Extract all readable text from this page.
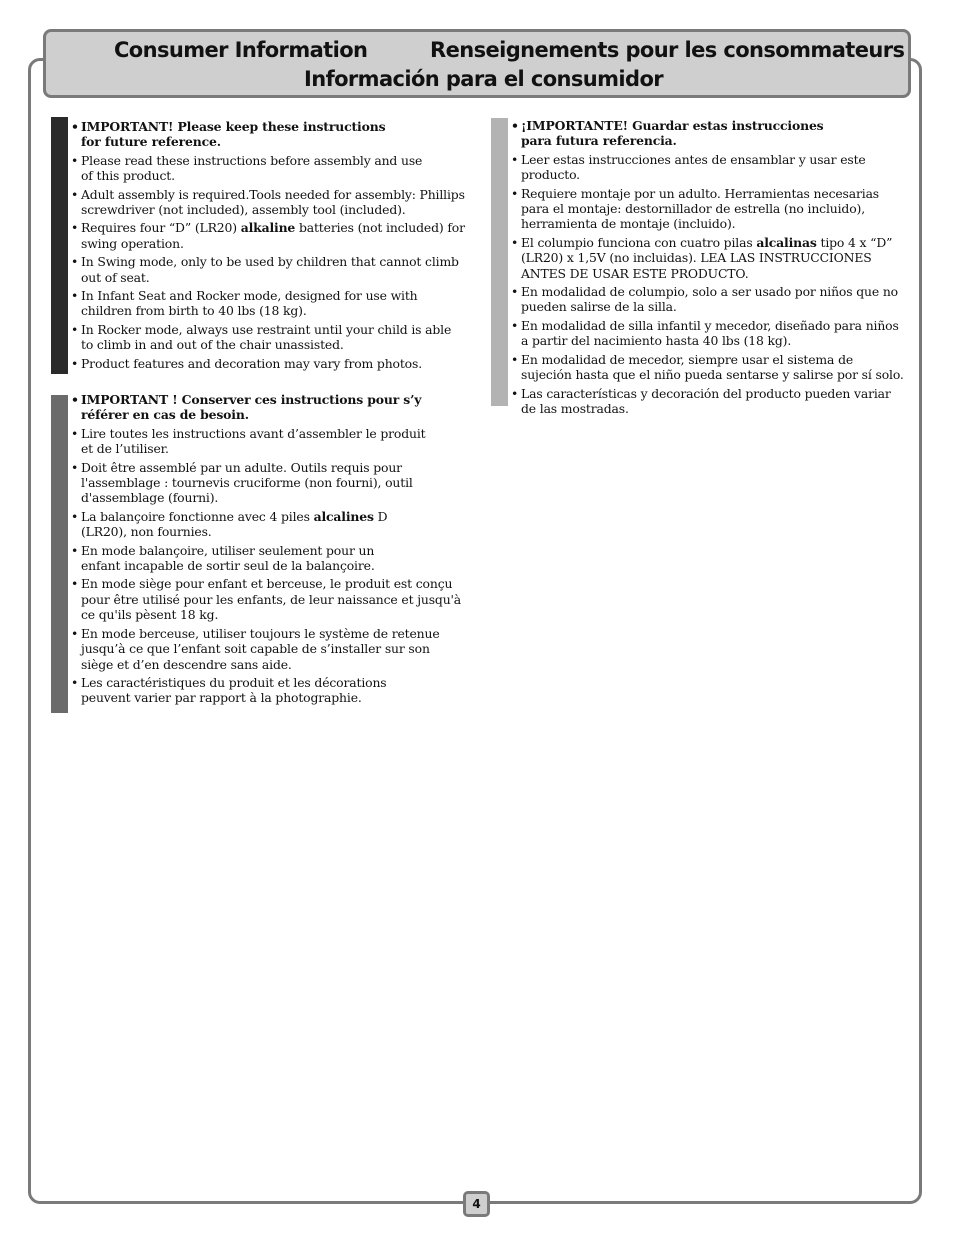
Consumer Information	Renseignements pour les consommateurs
Información para el consumidor
• IMPORTANT! Please keep these instructions for future reference.
• Please read these instructions before assembly and use of this product.
• Adult assembly is required.Tools needed for assembly: Phillips screwdriver (not included), assembly tool (included).
• Requires four “D” (LR20) alkaline batteries (not included) for swing operation.
• In Swing mode, only to be used by children that cannot climb out of seat.
• In Infant Seat and Rocker mode, designed for use with children from birth to 40 lbs (18 kg).
• In Rocker mode, always use restraint until your child is able to climb in and out of the chair unassisted.
• Product features and decoration may vary from photos.
• IMPORTANT ! Conserver ces instructions pour s’y référer en cas de besoin.
• Lire toutes les instructions avant d’assembler le produit et de l’utiliser.
• Doit être assemblé par un adulte. Outils requis pour l'assemblage : tournevis cruciforme (non fourni), outil d'assemblage (fourni).
• La balançoire fonctionne avec 4 piles alcalines D (LR20), non fournies.
• En mode balançoire, utiliser seulement pour un enfant incapable de sortir seul de la balançoire.
• En mode siège pour enfant et berceuse, le produit est conçu pour être utilisé pour les enfants, de leur naissance et jusqu'à ce qu'ils pèsent 18 kg.
• En mode berceuse, utiliser toujours le système de retenue jusqu’à ce que l’enfant soit capable de s’installer sur son siège et d’en descendre sans aide.
• Les caractéristiques du produit et les décorations peuvent varier par rapport à la photographie.
• ¡IMPORTANTE! Guardar estas instrucciones para futura referencia.
• Leer estas instrucciones antes de ensamblar y usar este producto.
• Requiere montaje por un adulto. Herramientas necesarias para el montaje: destornillador de estrella (no incluido), herramienta de montaje (incluido).
• El columpio funciona con cuatro pilas alcalinas tipo 4 x “D” (LR20) x 1,5V (no incluidas). LEA LAS INSTRUCCIONES ANTES DE USAR ESTE PRODUCTO.
• En modalidad de columpio, solo a ser usado por niños que no pueden salirse de la silla.
• En modalidad de silla infantil y mecedor, diseñado para niños a partir del nacimiento hasta 40 lbs (18 kg).
• En modalidad de mecedor, siempre usar el sistema de sujeción hasta que el niño pueda sentarse y salirse por sí solo.
• Las características y decoración del producto pueden variar de las mostradas.
4
